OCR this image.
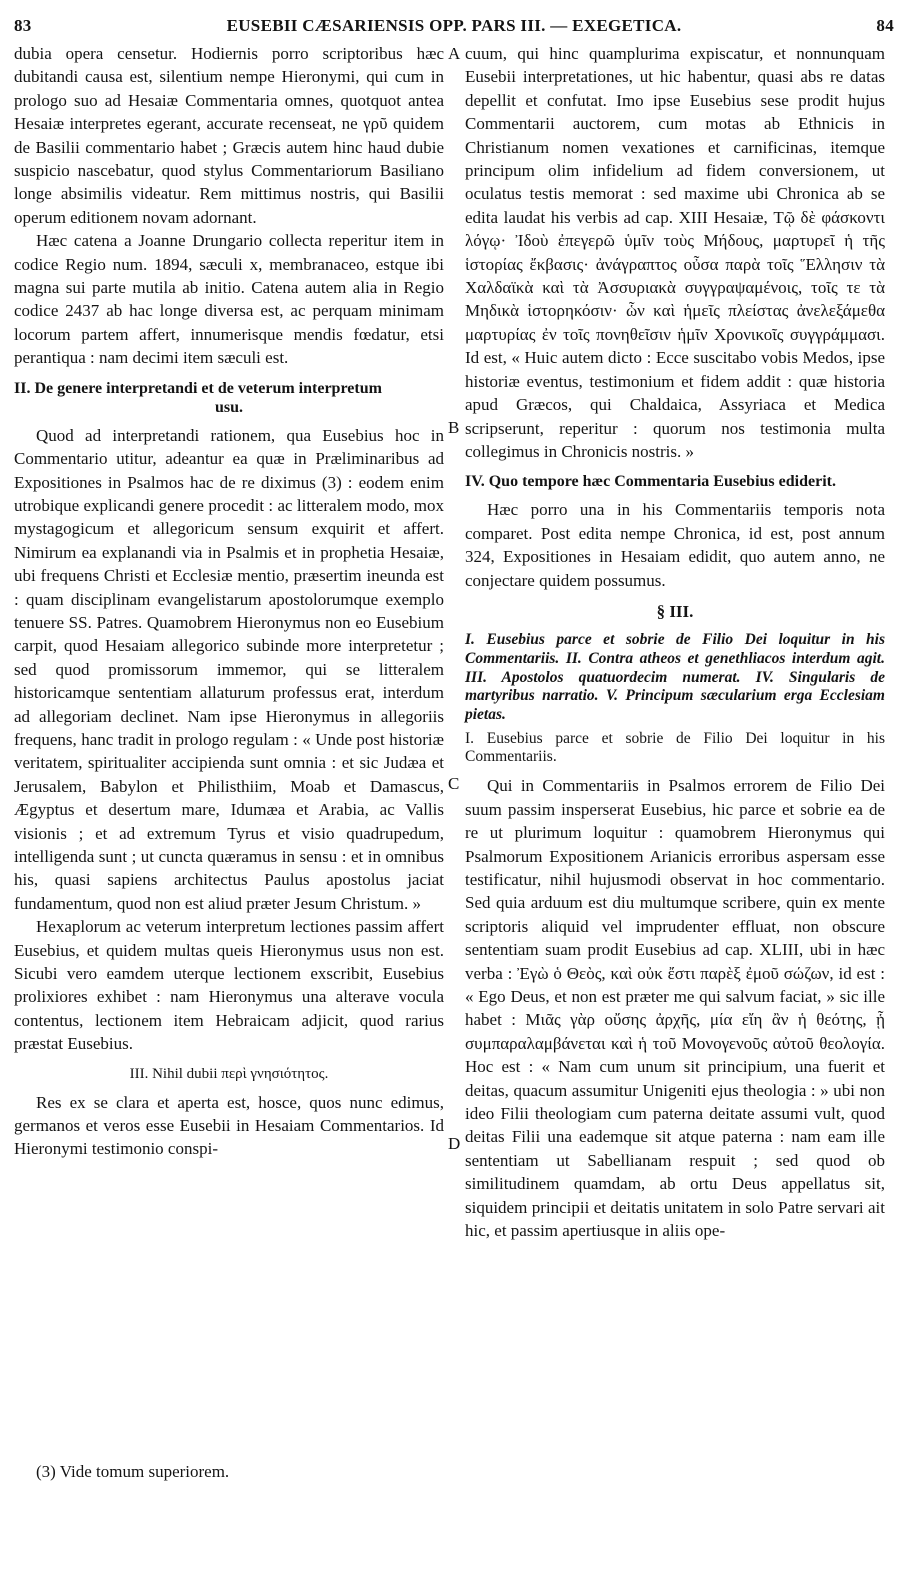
83	EUSEBII CÆSARIENSIS OPP. PARS III. — EXEGETICA.	84

dubia opera censetur. Hodiernis porro scriptoribus hæc dubitandi causa est, silentium nempe Hieronymi, qui cum in prologo suo ad Hesaiæ Commentaria omnes, quotquot antea Hesaiæ interpretes egerant, accurate recenseat, ne γρῦ quidem de Basilii commentario habet ; Græcis autem hinc haud dubie suspicio nascebatur, quod stylus Commentariorum Basiliano longe absimilis videatur. Rem mittimus nostris, qui Basilii operum editionem novam adornant.

Hæc catena a Joanne Drungario collecta reperitur item in codice Regio num. 1894, sæculi x, membranaceo, estque ibi magna sui parte mutila ab initio. Catena autem alia in Regio codice 2437 ab hac longe diversa est, ac perquam minimam locorum partem affert, innumerisque mendis fœdatur, etsi perantiqua : nam decimi item sæculi est.

II. De genere interpretandi et de veterum interpretum
usu.

Quod ad interpretandi rationem, qua Eusebius hoc in Commentario utitur, adeantur ea quæ in Præliminaribus ad Expositiones in Psalmos hac de re diximus (3) : eodem enim utrobique explicandi genere procedit : ac litteralem modo, mox mystagogicum et allegoricum sensum exquirit et affert. Nimirum ea explanandi via in Psalmis et in prophetia Hesaiæ, ubi frequens Christi et Ecclesiæ mentio, præsertim ineunda est : quam disciplinam evangelistarum apostolorumque exemplo tenuere SS. Patres. Quamobrem Hieronymus non eo Eusebium carpit, quod Hesaiam allegorico subinde more interpretetur ; sed quod promissorum immemor, qui se litteralem historicamque sententiam allaturum professus erat, interdum ad allegoriam declinet. Nam ipse Hieronymus in allegoriis frequens, hanc tradit in prologo regulam : « Unde post historiæ veritatem, spiritualiter accipienda sunt omnia : et sic Judæa et Jerusalem, Babylon et Philisthiim, Moab et Damascus, Ægyptus et desertum mare, Idumæa et Arabia, ac Vallis visionis ; et ad extremum Tyrus et visio quadrupedum, intelligenda sunt ; ut cuncta quæramus in sensu : et in omnibus his, quasi sapiens architectus Paulus apostolus jaciat fundamentum, quod non est aliud præter Jesum Christum. »

Hexaplorum ac veterum interpretum lectiones passim affert Eusebius, et quidem multas queis Hieronymus usus non est. Sicubi vero eamdem uterque lectionem exscribit, Eusebius prolixiores exhibet : nam Hieronymus una alterave vocula contentus, lectionem item Hebraicam adjicit, quod rarius præstat Eusebius.

III. Nihil dubii περὶ γνησιότητος.

Res ex se clara et aperta est, hosce, quos nunc edimus, germanos et veros esse Eusebii in Hesaiam Commentarios. Id Hieronymi testimonio conspi-

(3) Vide tomum superiorem.

cuum, qui hinc quamplurima expiscatur, et nonnunquam Eusebii interpretationes, ut hic habentur, quasi abs re datas depellit et confutat. Imo ipse Eusebius sese prodit hujus Commentarii auctorem, cum motas ab Ethnicis in Christianum nomen vexationes et carnificinas, itemque principum olim infidelium ad fidem conversionem, ut oculatus testis memorat : sed maxime ubi Chronica ab se edita laudat his verbis ad cap. XIII Hesaiæ, Τῷ δὲ φάσκοντι λόγῳ· Ἰδοὺ ἐπεγερῶ ὑμῖν τοὺς Μήδους, μαρτυρεῖ ἡ τῆς ἱστορίας ἔκβασις· ἀνάγραπτος οὖσα παρὰ τοῖς Ἕλλησιν τὰ Χαλδαϊκὰ καὶ τὰ Ἀσσυριακὰ συγγραψαμένοις, τοῖς τε τὰ Μηδικὰ ἱστορηκόσιν· ὧν καὶ ἡμεῖς πλείστας ἀνελεξάμεθα μαρτυρίας ἐν τοῖς πονηθεῖσιν ἡμῖν Χρονικοῖς συγγράμμασι. Id est, « Huic autem dicto : Ecce suscitabo vobis Medos, ipse historiæ eventus, testimonium et fidem addit : quæ historia apud Græcos, qui Chaldaica, Assyriaca et Medica scripserunt, reperitur : quorum nos testimonia multa collegimus in Chronicis nostris. »

IV. Quo tempore hæc Commentaria Eusebius ediderit.

Hæc porro una in his Commentariis temporis nota comparet. Post edita nempe Chronica, id est, post annum 324, Expositiones in Hesaiam edidit, quo autem anno, ne conjectare quidem possumus.

§ III.

I. Eusebius parce et sobrie de Filio Dei loquitur in his Commentariis. II. Contra atheos et genethliacos interdum agit. III. Apostolos quatuordecim numerat. IV. Singularis de martyribus narratio. V. Principum sæcularium erga Ecclesiam pietas.

I. Eusebius parce et sobrie de Filio Dei loquitur in his Commentariis.

Qui in Commentariis in Psalmos errorem de Filio Dei suum passim insperserat Eusebius, hic parce et sobrie ea de re ut plurimum loquitur : quamobrem Hieronymus qui Psalmorum Expositionem Arianicis erroribus aspersam esse testificatur, nihil hujusmodi observat in hoc commentario. Sed quia arduum est diu multumque scribere, quin ex mente scriptoris aliquid vel imprudenter effluat, non obscure sententiam suam prodit Eusebius ad cap. XLIII, ubi in hæc verba : Ἐγὼ ὁ Θεὸς, καὶ οὐκ ἔστι παρὲξ ἐμοῦ σώζων, id est : « Ego Deus, et non est præter me qui salvum faciat, » sic ille habet : Μιᾶς γὰρ οὔσης ἀρχῆς, μία εἴη ἂν ἡ θεότης, ᾗ συμπαραλαμβάνεται καὶ ἡ τοῦ Μονογενοῦς αὐτοῦ θεολογία. Hoc est : « Nam cum unum sit principium, una fuerit et deitas, quacum assumitur Unigeniti ejus theologia : » ubi non ideo Filii theologiam cum paterna deitate assumi vult, quod deitas Filii una eademque sit atque paterna : nam eam ille sententiam ut Sabellianam respuit ; sed quod ob similitudinem quamdam, ab ortu Deus appellatus sit, siquidem principii et deitatis unitatem in solo Patre servari ait hic, et passim apertiusque in aliis ope-

A
B
C
D
